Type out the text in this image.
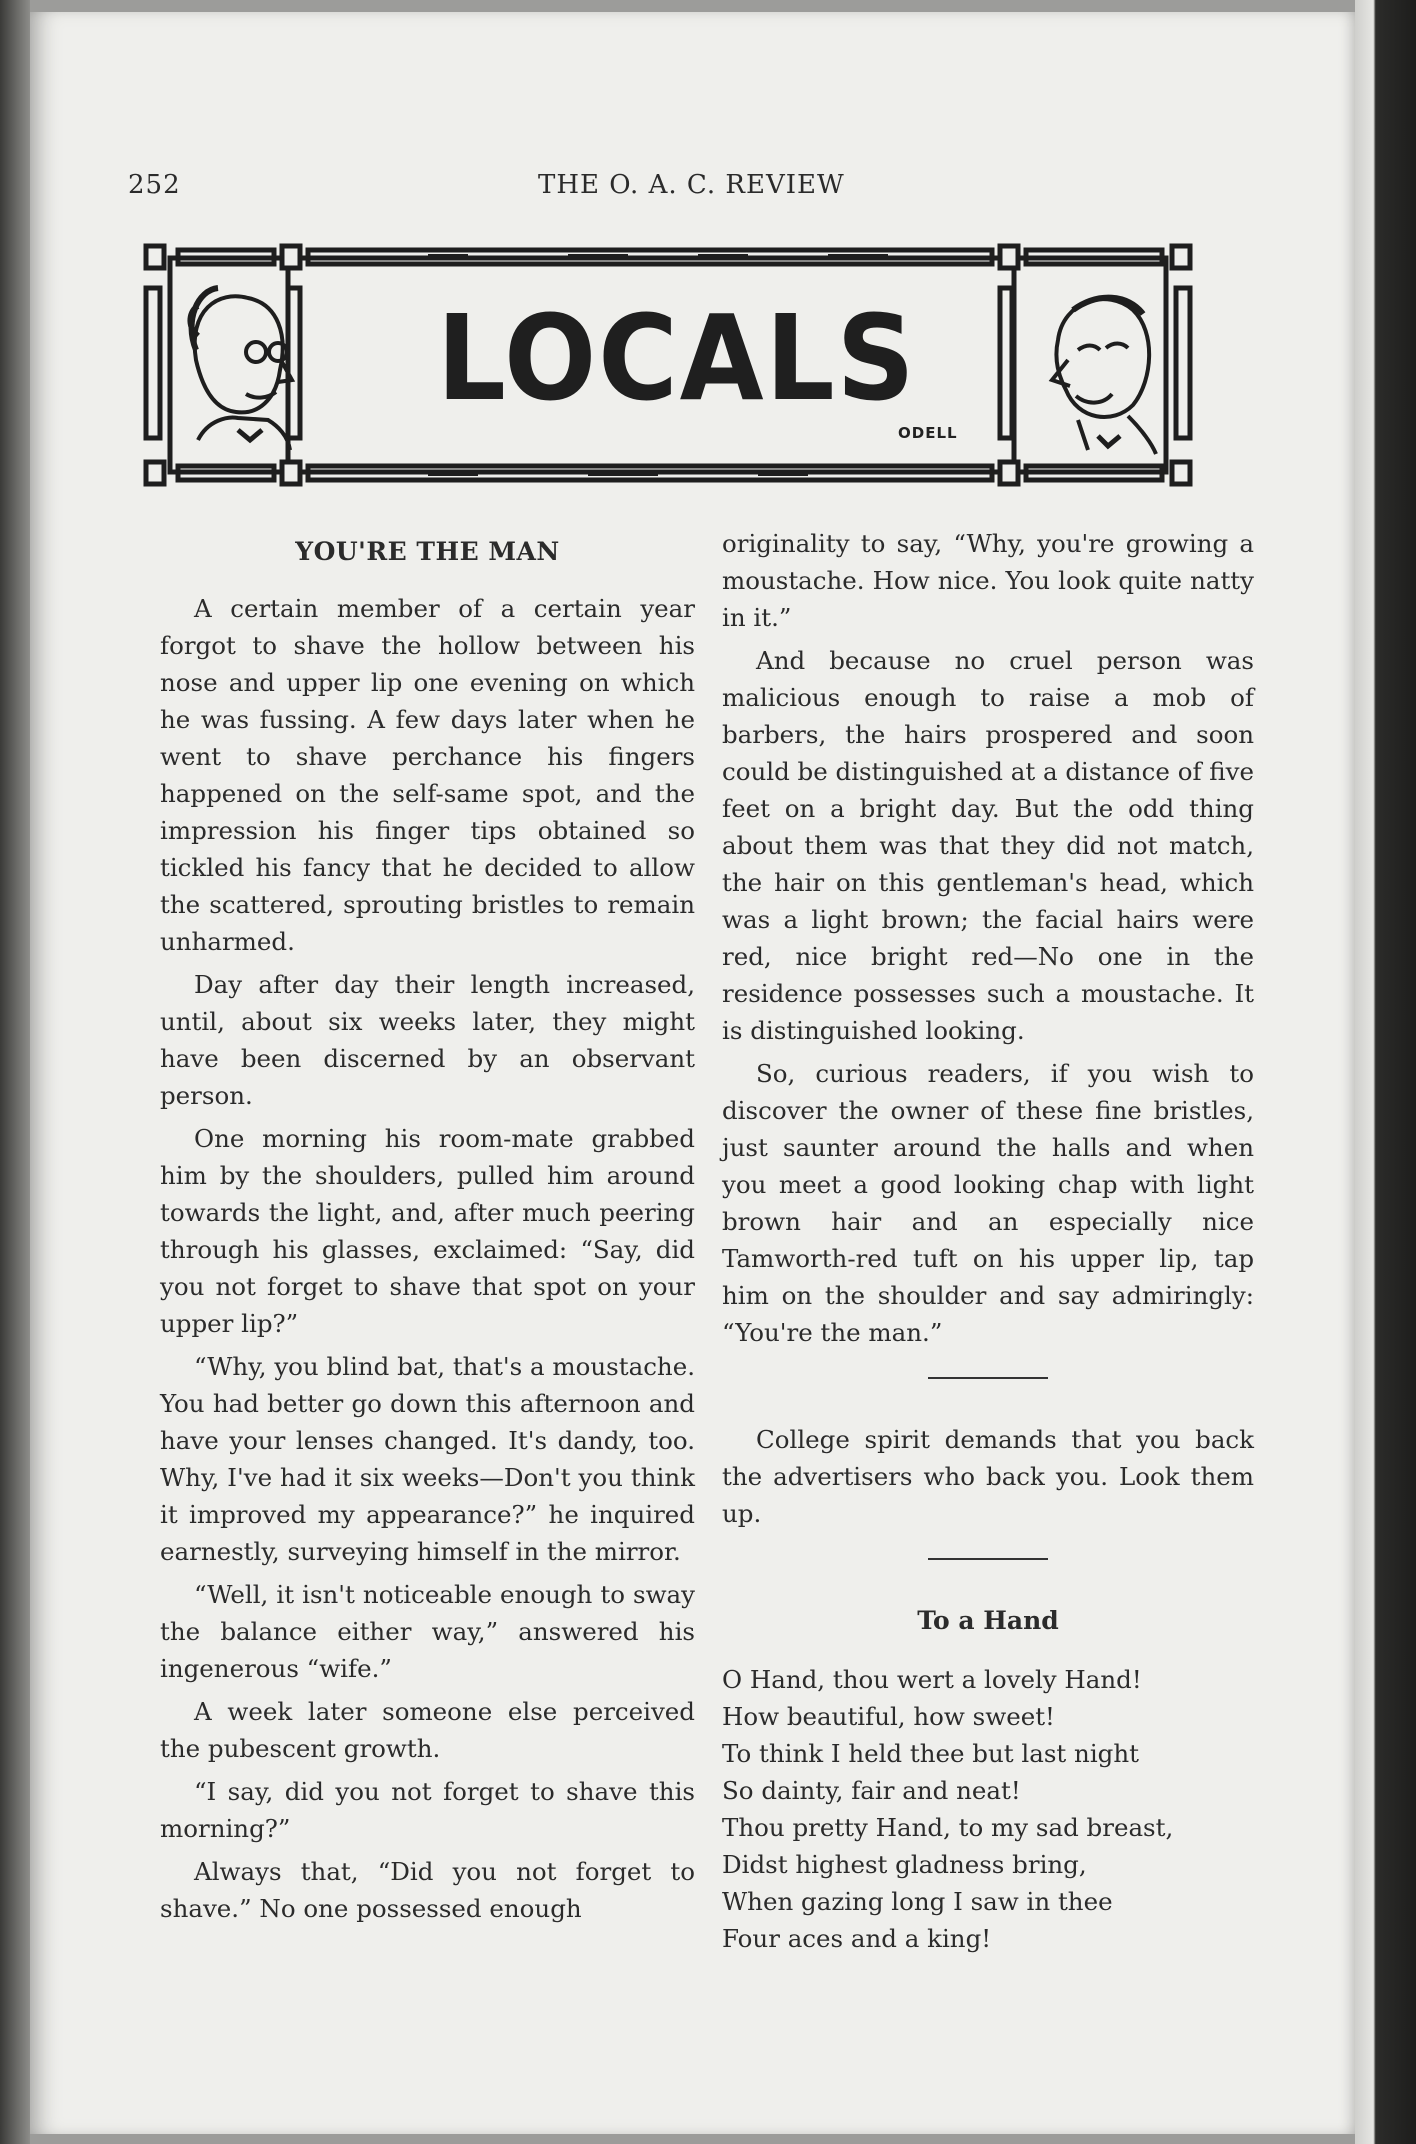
252	THE O. A. C. REVIEW
LOCALS
ODELL
YOU'RE THE MAN

A certain member of a certain year forgot to shave the hollow between his nose and upper lip one evening on which he was fussing. A few days later when he went to shave perchance his fingers happened on the self-same spot, and the impression his finger tips obtained so tickled his fancy that he decided to allow the scattered, sprouting bristles to remain unharmed.

Day after day their length increased, until, about six weeks later, they might have been discerned by an observant person.

One morning his room-mate grabbed him by the shoulders, pulled him around towards the light, and, after much peering through his glasses, exclaimed: “Say, did you not forget to shave that spot on your upper lip?”

“Why, you blind bat, that's a moustache. You had better go down this afternoon and have your lenses changed. It's dandy, too. Why, I've had it six weeks—Don't you think it improved my appearance?” he inquired earnestly, surveying himself in the mirror.

“Well, it isn't noticeable enough to sway the balance either way,” answered his ingenerous “wife.”

A week later someone else perceived the pubescent growth.

“I say, did you not forget to shave this morning?”

Always that, “Did you not forget to shave.” No one possessed enough

originality to say, “Why, you're growing a moustache. How nice. You look quite natty in it.”

And because no cruel person was malicious enough to raise a mob of barbers, the hairs prospered and soon could be distinguished at a distance of five feet on a bright day. But the odd thing about them was that they did not match, the hair on this gentleman's head, which was a light brown; the facial hairs were red, nice bright red—No one in the residence possesses such a moustache. It is distinguished looking.

So, curious readers, if you wish to discover the owner of these fine bristles, just saunter around the halls and when you meet a good looking chap with light brown hair and an especially nice Tamworth-red tuft on his upper lip, tap him on the shoulder and say admiringly: “You're the man.”

College spirit demands that you back the advertisers who back you. Look them up.

To a Hand
O Hand, thou wert a lovely Hand!
How beautiful, how sweet!
To think I held thee but last night
So dainty, fair and neat!
Thou pretty Hand, to my sad breast,
Didst highest gladness bring,
When gazing long I saw in thee
Four aces and a king!
